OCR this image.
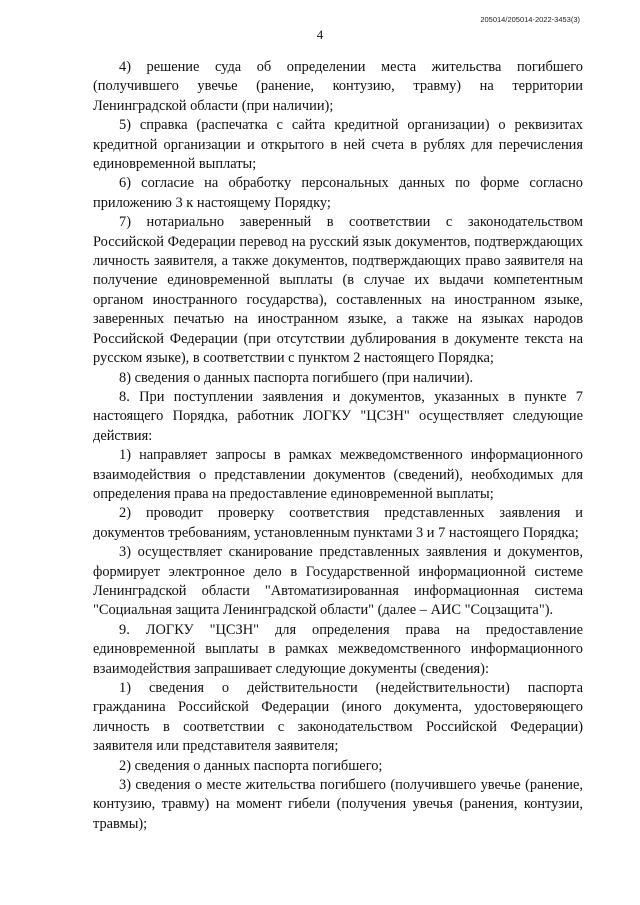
4
205014/205014-2022-3453(3)

4) решение суда об определении места жительства погибшего (получившего увечье (ранение, контузию, травму) на территории Ленинградской области (при наличии);

5) справка (распечатка с сайта кредитной организации) о реквизитах кредитной организации и открытого в ней счета в рублях для перечисления единовременной выплаты;

6) согласие на обработку персональных данных по форме согласно приложению 3 к настоящему Порядку;

7) нотариально заверенный в соответствии с законодательством Российской Федерации перевод на русский язык документов, подтверждающих личность заявителя, а также документов, подтверждающих право заявителя на получение единовременной выплаты (в случае их выдачи компетентным органом иностранного государства), составленных на иностранном языке, заверенных печатью на иностранном языке, а также на языках народов Российской Федерации (при отсутствии дублирования в документе текста на русском языке), в соответствии с пунктом 2 настоящего Порядка;

8) сведения о данных паспорта погибшего (при наличии).

8. При поступлении заявления и документов, указанных в пункте 7 настоящего Порядка, работник ЛОГКУ "ЦСЗН" осуществляет следующие действия:

1) направляет запросы в рамках межведомственного информационного взаимодействия о представлении документов (сведений), необходимых для определения права на предоставление единовременной выплаты;

2) проводит проверку соответствия представленных заявления и документов требованиям, установленным пунктами 3 и 7 настоящего Порядка;

3) осуществляет сканирование представленных заявления и документов, формирует электронное дело в Государственной информационной системе Ленинградской области "Автоматизированная информационная система "Социальная защита Ленинградской области" (далее – АИС "Соцзащита").

9. ЛОГКУ "ЦСЗН" для определения права на предоставление единовременной выплаты в рамках межведомственного информационного взаимодействия запрашивает следующие документы (сведения):

1) сведения о действительности (недействительности) паспорта гражданина Российской Федерации (иного документа, удостоверяющего личность в соответствии с законодательством Российской Федерации) заявителя или представителя заявителя;

2) сведения о данных паспорта погибшего;

3) сведения о месте жительства погибшего (получившего увечье (ранение, контузию, травму) на момент гибели (получения увечья (ранения, контузии, травмы);
